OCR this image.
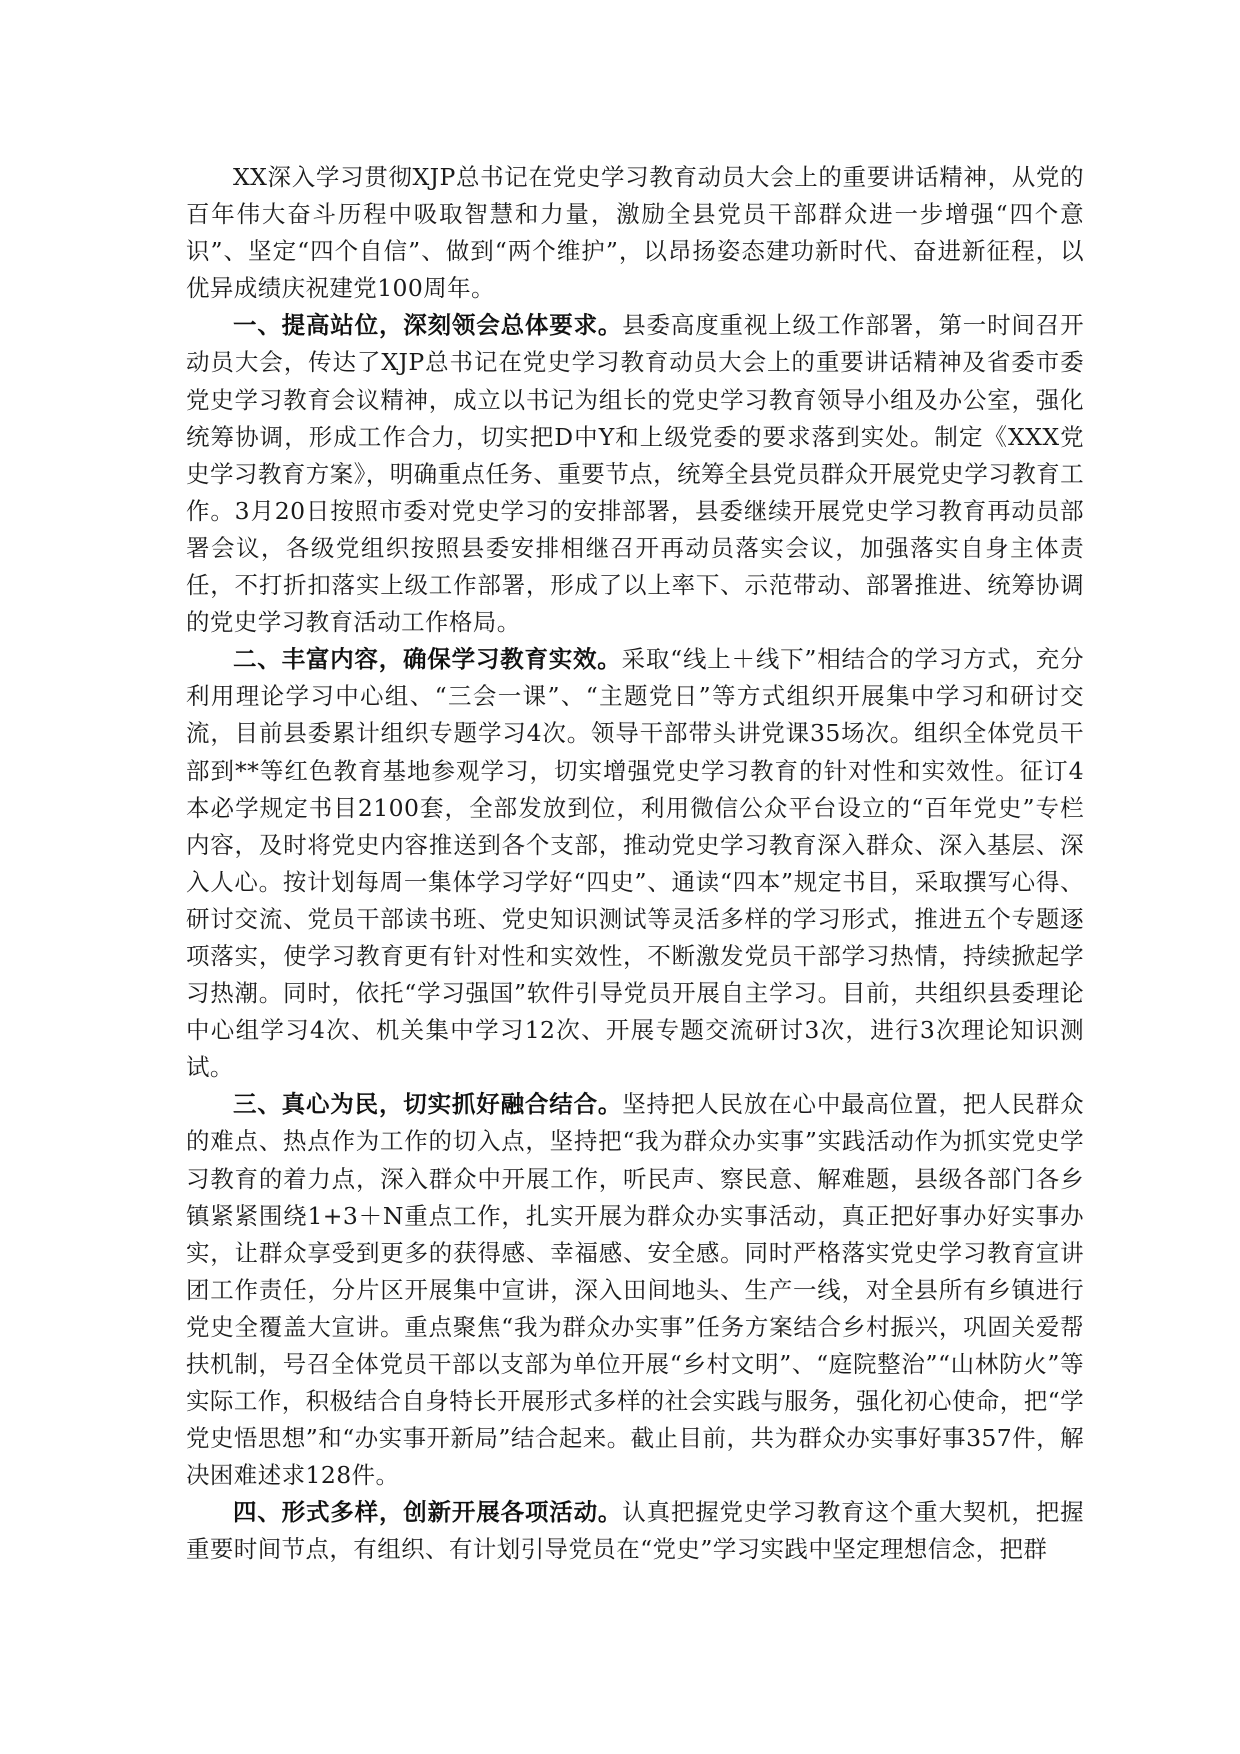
XX深入学习贯彻XJP总书记在党史学习教育动员大会上的重要讲话精神，从党的百年伟大奋斗历程中吸取智慧和力量，激励全县党员干部群众进一步增强“四个意识”、坚定“四个自信”、做到“两个维护”，以昂扬姿态建功新时代、奋进新征程，以优异成绩庆祝建党100周年。

一、提高站位，深刻领会总体要求。县委高度重视上级工作部署，第一时间召开动员大会，传达了XJP总书记在党史学习教育动员大会上的重要讲话精神及省委市委党史学习教育会议精神，成立以书记为组长的党史学习教育领导小组及办公室，强化统筹协调，形成工作合力，切实把D中Y和上级党委的要求落到实处。制定《XXX党史学习教育方案》，明确重点任务、重要节点，统筹全县党员群众开展党史学习教育工作。3月20日按照市委对党史学习的安排部署，县委继续开展党史学习教育再动员部署会议，各级党组织按照县委安排相继召开再动员落实会议，加强落实自身主体责任，不打折扣落实上级工作部署，形成了以上率下、示范带动、部署推进、统筹协调的党史学习教育活动工作格局。

二、丰富内容，确保学习教育实效。采取“线上＋线下”相结合的学习方式，充分利用理论学习中心组、“三会一课”、“主题党日”等方式组织开展集中学习和研讨交流，目前县委累计组织专题学习4次。领导干部带头讲党课35场次。组织全体党员干部到**等红色教育基地参观学习，切实增强党史学习教育的针对性和实效性。征订4本必学规定书目2100套，全部发放到位，利用微信公众平台设立的“百年党史”专栏内容，及时将党史内容推送到各个支部，推动党史学习教育深入群众、深入基层、深入人心。按计划每周一集体学习学好“四史”、通读“四本”规定书目，采取撰写心得、研讨交流、党员干部读书班、党史知识测试等灵活多样的学习形式，推进五个专题逐项落实，使学习教育更有针对性和实效性，不断激发党员干部学习热情，持续掀起学习热潮。同时，依托“学习强国”软件引导党员开展自主学习。目前，共组织县委理论中心组学习4次、机关集中学习12次、开展专题交流研讨3次，进行3次理论知识测试。

三、真心为民，切实抓好融合结合。坚持把人民放在心中最高位置，把人民群众的难点、热点作为工作的切入点，坚持把“我为群众办实事”实践活动作为抓实党史学习教育的着力点，深入群众中开展工作，听民声、察民意、解难题，县级各部门各乡镇紧紧围绕1+3＋N重点工作，扎实开展为群众办实事活动，真正把好事办好实事办实，让群众享受到更多的获得感、幸福感、安全感。同时严格落实党史学习教育宣讲团工作责任，分片区开展集中宣讲，深入田间地头、生产一线，对全县所有乡镇进行党史全覆盖大宣讲。重点聚焦“我为群众办实事”任务方案结合乡村振兴，巩固关爱帮扶机制，号召全体党员干部以支部为单位开展“乡村文明”、“庭院整治”“山林防火”等实际工作，积极结合自身特长开展形式多样的社会实践与服务，强化初心使命，把“学党史悟思想”和“办实事开新局”结合起来。截止目前，共为群众办实事好事357件，解决困难述求128件。

四、形式多样，创新开展各项活动。认真把握党史学习教育这个重大契机，把握重要时间节点，有组织、有计划引导党员在“党史”学习实践中坚定理想信念，把群
